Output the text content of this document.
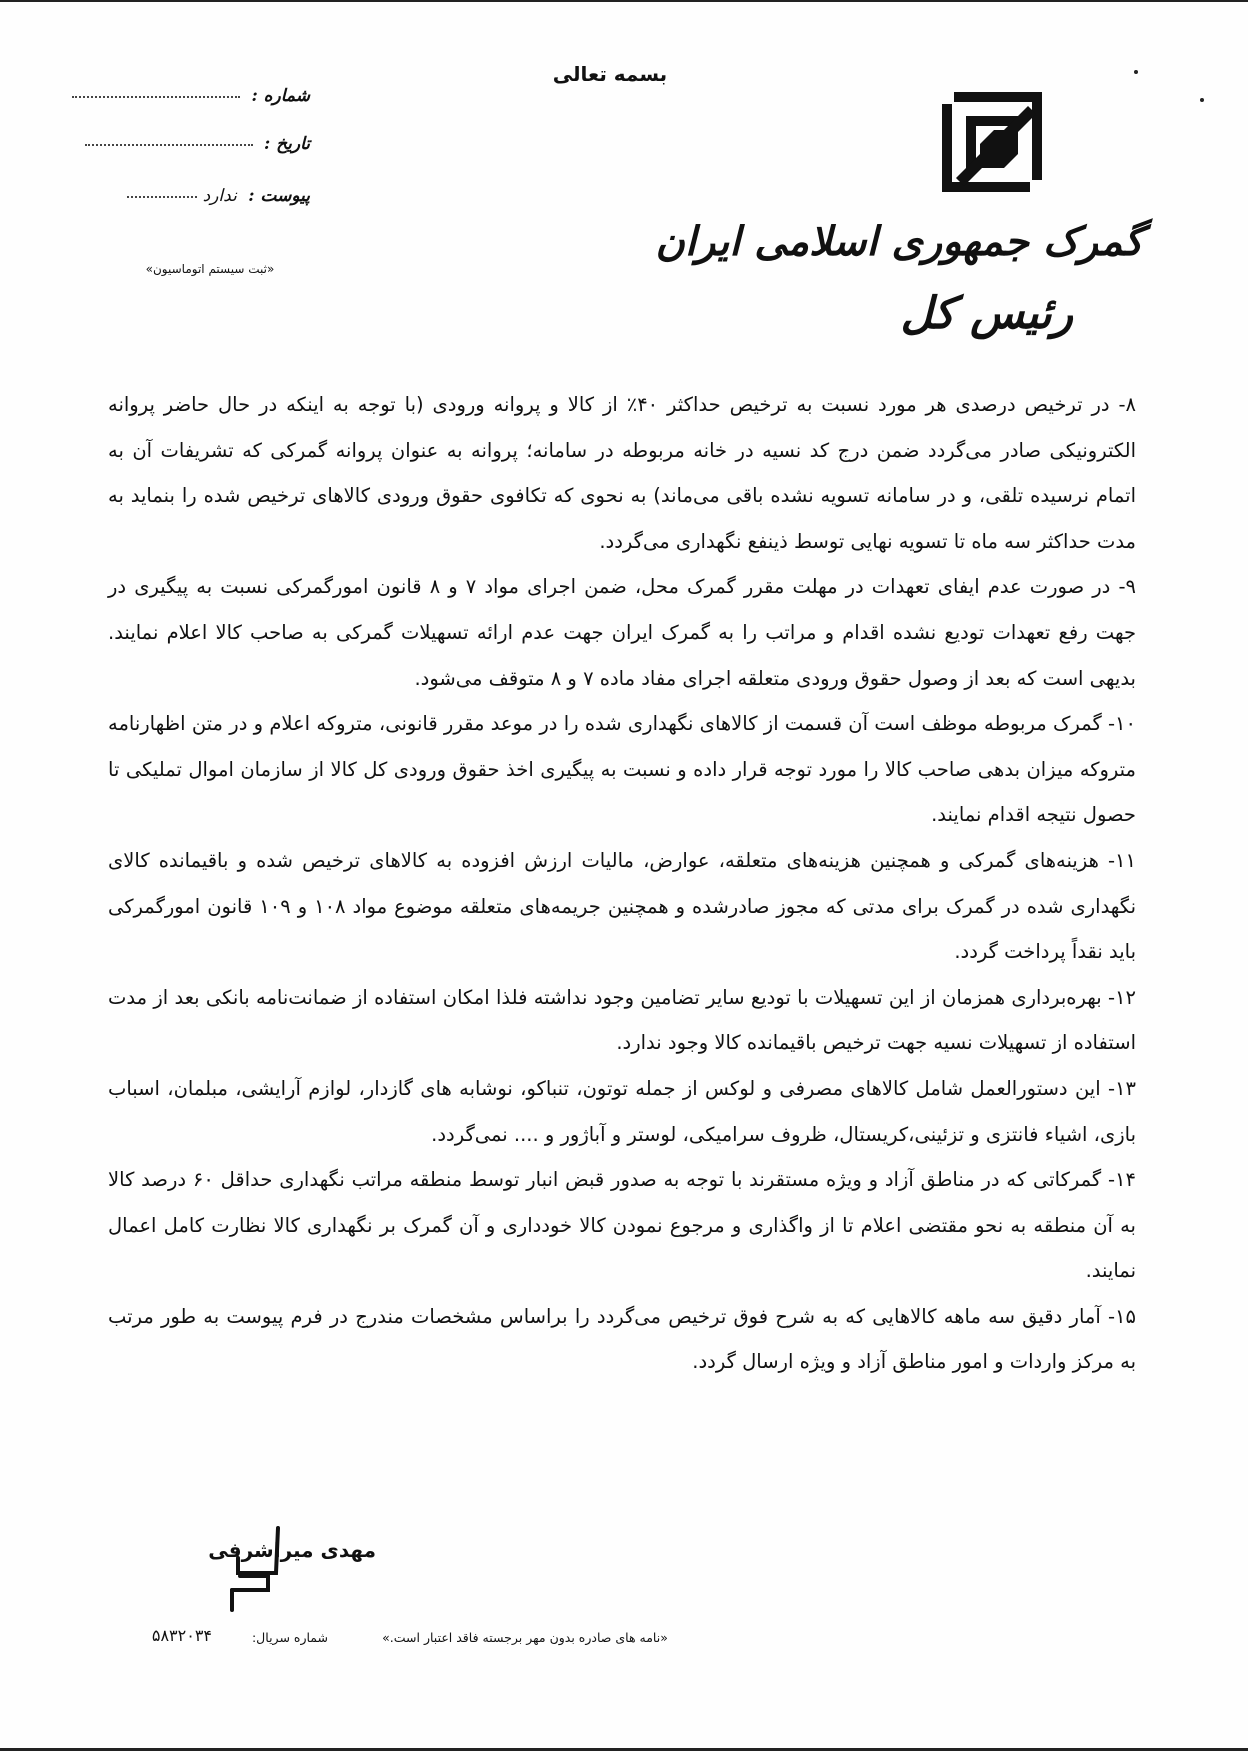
بسمه تعالی
گمرک جمهوری اسلامی ایران
رئیس کل
شماره :
تاریخ :
پیوست : ندارد
«ثبت سیستم اتوماسیون»

۸- در ترخیص درصدی هر مورد نسبت به ترخیص حداکثر ۴۰٪ از کالا و پروانه ورودی (با توجه به اینکه در حال حاضر پروانه الکترونیکی صادر می‌گردد ضمن درج کد نسیه در خانه مربوطه در سامانه؛ پروانه به عنوان پروانه گمرکی که تشریفات آن به اتمام نرسیده تلقی، و در سامانه تسویه نشده باقی می‌ماند) به نحوی که تکافوی حقوق ورودی کالاهای ترخیص شده را بنماید به مدت حداکثر سه ماه تا تسویه نهایی توسط ذینفع نگهداری می‌گردد.

۹- در صورت عدم ایفای تعهدات در مهلت مقرر گمرک محل، ضمن اجرای مواد ۷ و ۸ قانون امورگمرکی نسبت به پیگیری در جهت رفع تعهدات تودیع نشده اقدام و مراتب را به گمرک ایران جهت عدم ارائه تسهیلات گمرکی به صاحب کالا اعلام نمایند. بدیهی است که بعد از وصول حقوق ورودی متعلقه اجرای مفاد ماده ۷ و ۸ متوقف می‌شود.

۱۰- گمرک مربوطه موظف است آن قسمت از کالاهای نگهداری شده را در موعد مقرر قانونی، متروکه اعلام و در متن اظهارنامه متروکه میزان بدهی صاحب کالا را مورد توجه قرار داده و نسبت به پیگیری اخذ حقوق ورودی کل کالا از سازمان اموال تملیکی تا حصول نتیجه اقدام نمایند.

۱۱- هزینه‌های گمرکی و همچنین هزینه‌های متعلقه، عوارض، مالیات ارزش افزوده به کالاهای ترخیص شده و باقیمانده کالای نگهداری شده در گمرک برای مدتی که مجوز صادرشده و همچنین جریمه‌های متعلقه موضوع مواد ۱۰۸ و ۱۰۹ قانون امورگمرکی باید نقداً پرداخت گردد.

۱۲- بهره‌برداری همزمان از این تسهیلات با تودیع سایر تضامین وجود نداشته فلذا امکان استفاده از ضمانت‌نامه بانکی بعد از مدت استفاده از تسهیلات نسیه جهت ترخیص باقیمانده کالا وجود ندارد.

۱۳- این دستورالعمل شامل کالاهای مصرفی و لوکس از جمله توتون، تنباکو، نوشابه های گازدار، لوازم آرایشی، مبلمان، اسباب بازی، اشیاء فانتزی و تزئینی،کریستال، ظروف سرامیکی، لوستر و آباژور و .... نمی‌گردد.

۱۴- گمرکاتی که در مناطق آزاد و ویژه مستقرند با توجه به صدور قبض انبار توسط منطقه مراتب نگهداری حداقل ۶۰ درصد کالا به آن منطقه به نحو مقتضی اعلام تا از واگذاری و مرجوع نمودن کالا خودداری و آن گمرک بر نگهداری کالا نظارت کامل اعمال نمایند.

۱۵- آمار دقیق سه ماهه کالاهایی که به شرح فوق ترخیص می‌گردد را براساس مشخصات مندرج در فرم پیوست به طور مرتب به مرکز واردات و امور مناطق آزاد و ویژه ارسال گردد.

مهدی میراشرفی
«نامه های صادره بدون مهر برجسته فاقد اعتبار است.»
شماره سریال:
۵۸۳۲۰۳۴
